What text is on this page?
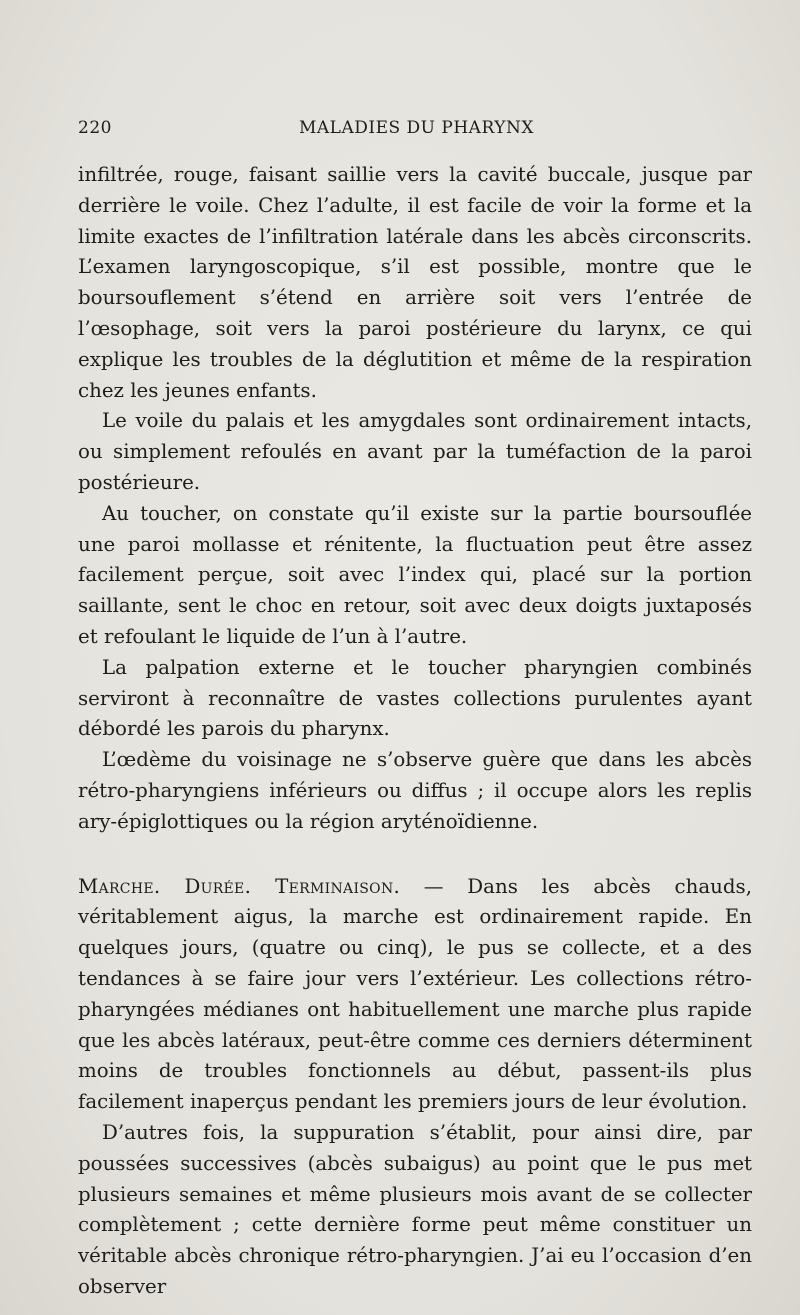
220	MALADIES DU PHARYNX

infiltrée, rouge, faisant saillie vers la cavité buccale, jusque par derrière le voile. Chez l’adulte, il est facile de voir la forme et la limite exactes de l’infiltration latérale dans les abcès circonscrits. L’examen laryngoscopique, s’il est possible, montre que le boursouflement s’étend en arrière soit vers l’entrée de l’œsophage, soit vers la paroi postérieure du larynx, ce qui explique les troubles de la déglutition et même de la respiration chez les jeunes enfants.

Le voile du palais et les amygdales sont ordinairement intacts, ou simplement refoulés en avant par la tuméfaction de la paroi postérieure.

Au toucher, on constate qu’il existe sur la partie boursouflée une paroi mollasse et rénitente, la fluctuation peut être assez facilement perçue, soit avec l’index qui, placé sur la portion saillante, sent le choc en retour, soit avec deux doigts juxtaposés et refoulant le liquide de l’un à l’autre.

La palpation externe et le toucher pharyngien combinés serviront à reconnaître de vastes collections purulentes ayant débordé les parois du pharynx.

L’œdème du voisinage ne s’observe guère que dans les abcès rétro-pharyngiens inférieurs ou diffus ; il occupe alors les replis ary-épiglottiques ou la région aryténoïdienne.

Marche. Durée. Terminaison. — Dans les abcès chauds, véritablement aigus, la marche est ordinairement rapide. En quelques jours, (quatre ou cinq), le pus se collecte, et a des tendances à se faire jour vers l’extérieur. Les collections rétro-pharyngées médianes ont habituellement une marche plus rapide que les abcès latéraux, peut-être comme ces derniers déterminent moins de troubles fonctionnels au début, passent-ils plus facilement inaperçus pendant les premiers jours de leur évolution.

D’autres fois, la suppuration s’établit, pour ainsi dire, par poussées successives (abcès subaigus) au point que le pus met plusieurs semaines et même plusieurs mois avant de se collecter complètement ; cette dernière forme peut même constituer un véritable abcès chronique rétro-pharyngien. J’ai eu l’occasion d’en observer
